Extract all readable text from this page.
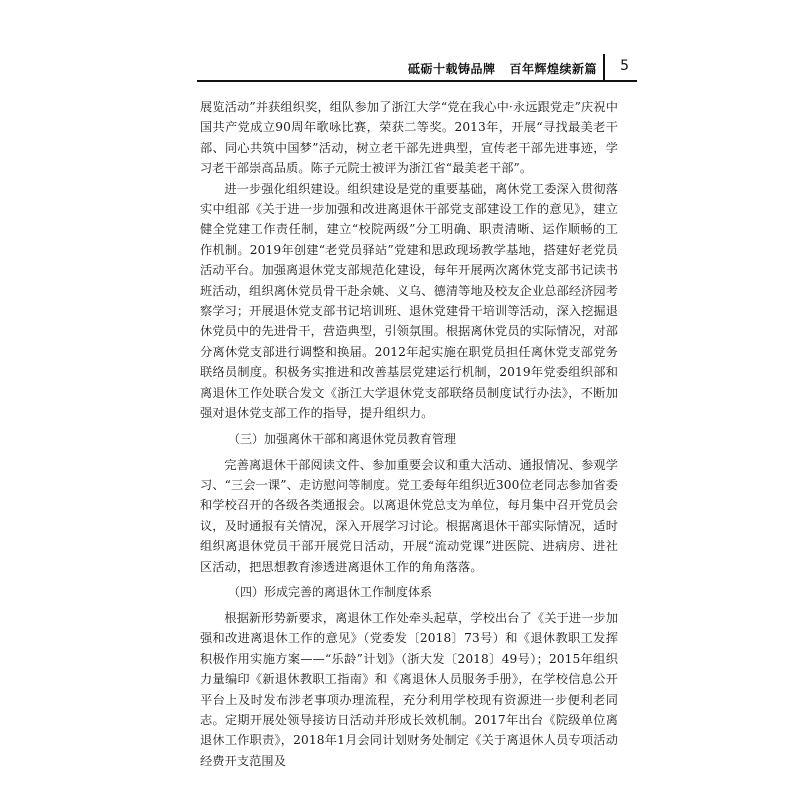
砥砺十载铸品牌 百年辉煌续新篇 5

展览活动”并获组织奖，组队参加了浙江大学“党在我心中·永远跟党走”庆祝中国共产党成立90周年歌咏比赛，荣获二等奖。2013年，开展“寻找最美老干部、同心共筑中国梦”活动，树立老干部先进典型，宣传老干部先进事迹，学习老干部崇高品质。陈子元院士被评为浙江省“最美老干部”。

进一步强化组织建设。组织建设是党的重要基础，离休党工委深入贯彻落实中组部《关于进一步加强和改进离退休干部党支部建设工作的意见》，建立健全党建工作责任制，建立“校院两级”分工明确、职责清晰、运作顺畅的工作机制。2019年创建“老党员驿站”党建和思政现场教学基地，搭建好老党员活动平台。加强离退休党支部规范化建设，每年开展两次离休党支部书记读书班活动，组织离休党员骨干赴余姚、义乌、德清等地及校友企业总部经济园考察学习；开展退休党支部书记培训班、退休党建骨干培训等活动，深入挖掘退休党员中的先进骨干，营造典型，引领氛围。根据离休党员的实际情况，对部分离休党支部进行调整和换届。2012年起实施在职党员担任离休党支部党务联络员制度。积极务实推进和改善基层党建运行机制，2019年党委组织部和离退休工作处联合发文《浙江大学退休党支部联络员制度试行办法》，不断加强对退休党支部工作的指导，提升组织力。

（三）加强离休干部和离退休党员教育管理

完善离退休干部阅读文件、参加重要会议和重大活动、通报情况、参观学习、“三会一课”、走访慰问等制度。党工委每年组织近300位老同志参加省委和学校召开的各级各类通报会。以离退休党总支为单位，每月集中召开党员会议，及时通报有关情况，深入开展学习讨论。根据离退休干部实际情况，适时组织离退休党员干部开展党日活动，开展“流动党课”进医院、进病房、进社区活动，把思想教育渗透进离退休工作的角角落落。

（四）形成完善的离退休工作制度体系

根据新形势新要求，离退休工作处牵头起草，学校出台了《关于进一步加强和改进离退休工作的意见》（党委发〔2018〕73号）和《退休教职工发挥积极作用实施方案——“乐龄”计划》（浙大发〔2018〕49号）；2015年组织力量编印《新退休教职工指南》和《离退休人员服务手册》，在学校信息公开平台上及时发布涉老事项办理流程，充分利用学校现有资源进一步便利老同志。定期开展处领导接访日活动并形成长效机制。2017年出台《院级单位离退休工作职责》，2018年1月会同计划财务处制定《关于离退休人员专项活动经费开支范围及
